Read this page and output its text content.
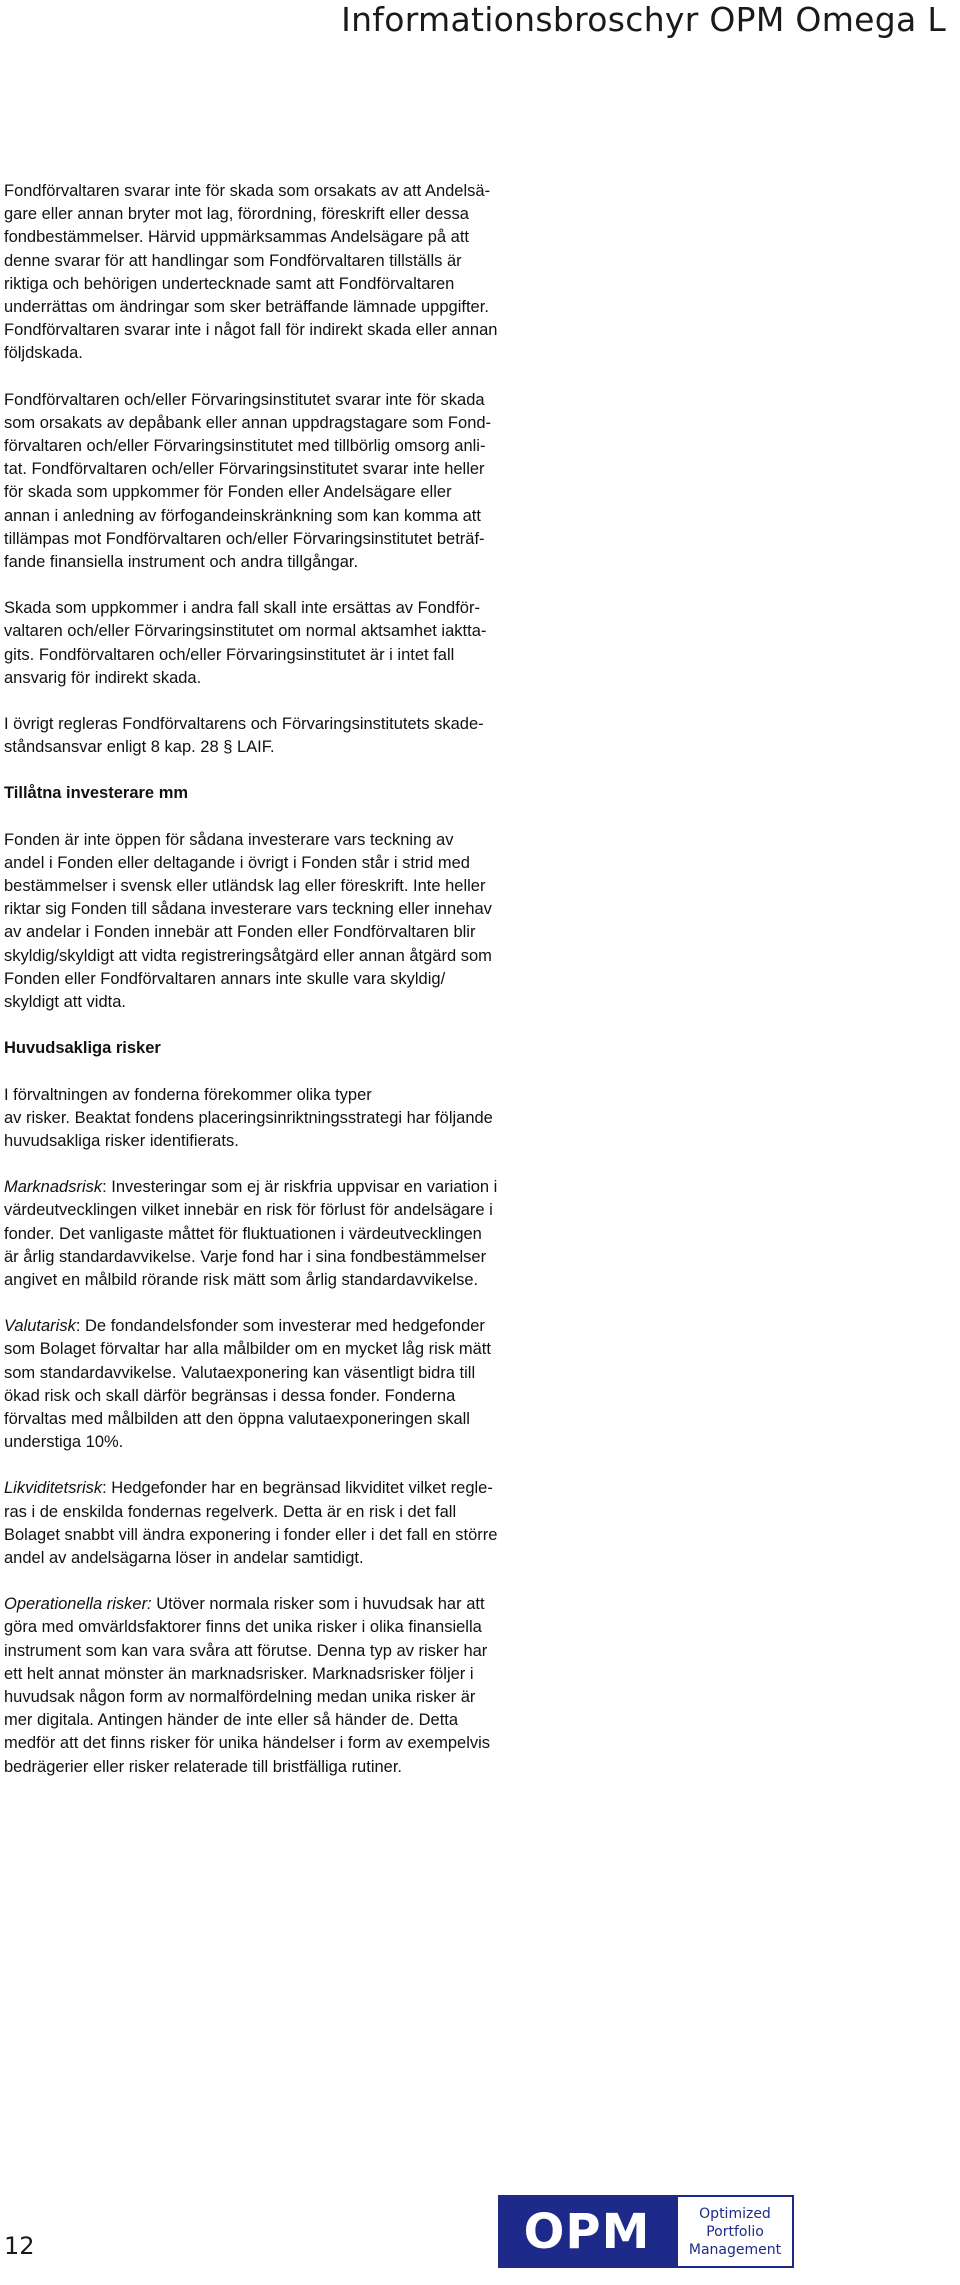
Informationsbroschyr OPM Omega L

Fondförvaltaren svarar inte för skada som orsakats av att Andelsä-
gare eller annan bryter mot lag, förordning, föreskrift eller dessa
fondbestämmelser. Härvid uppmärksammas Andelsägare på att
denne svarar för att handlingar som Fondförvaltaren tillställs är
riktiga och behörigen undertecknade samt att Fondförvaltaren
underrättas om ändringar som sker beträffande lämnade uppgifter.
Fondförvaltaren svarar inte i något fall för indirekt skada eller annan
följdskada.

Fondförvaltaren och/eller Förvaringsinstitutet svarar inte för skada
som orsakats av depåbank eller annan uppdragstagare som Fond-
förvaltaren och/eller Förvaringsinstitutet med tillbörlig omsorg anli-
tat. Fondförvaltaren och/eller Förvaringsinstitutet svarar inte heller
för skada som uppkommer för Fonden eller Andelsägare eller
annan i anledning av förfogandeinskränkning som kan komma att
tillämpas mot Fondförvaltaren och/eller Förvaringsinstitutet beträf-
fande finansiella instrument och andra tillgångar.

Skada som uppkommer i andra fall skall inte ersättas av Fondför-
valtaren och/eller Förvaringsinstitutet om normal aktsamhet iaktta-
gits. Fondförvaltaren och/eller Förvaringsinstitutet är i intet fall
ansvarig för indirekt skada.

I övrigt regleras Fondförvaltarens och Förvaringsinstitutets skade-
ståndsansvar enligt 8 kap. 28 § LAIF.

Tillåtna investerare mm

Fonden är inte öppen för sådana investerare vars teckning av
andel i Fonden eller deltagande i övrigt i Fonden står i strid med
bestämmelser i svensk eller utländsk lag eller föreskrift. Inte heller
riktar sig Fonden till sådana investerare vars teckning eller innehav
av andelar i Fonden innebär att Fonden eller Fondförvaltaren blir
skyldig/skyldigt att vidta registreringsåtgärd eller annan åtgärd som
Fonden eller Fondförvaltaren annars inte skulle vara skyldig/
skyldigt att vidta.

Huvudsakliga risker

I förvaltningen av fonderna förekommer olika typer
av risker. Beaktat fondens placeringsinriktningsstrategi har följande
huvudsakliga risker identifierats.

Marknadsrisk: Investeringar som ej är riskfria uppvisar en variation i
värdeutvecklingen vilket innebär en risk för förlust för andelsägare i
fonder. Det vanligaste måttet för fluktuationen i värdeutvecklingen
är årlig standardavvikelse. Varje fond har i sina fondbestämmelser
angivet en målbild rörande risk mätt som årlig standardavvikelse.

Valutarisk: De fondandelsfonder som investerar med hedgefonder
som Bolaget förvaltar har alla målbilder om en mycket låg risk mätt
som standardavvikelse. Valutaexponering kan väsentligt bidra till
ökad risk och skall därför begränsas i dessa fonder. Fonderna
förvaltas med målbilden att den öppna valutaexponeringen skall
understiga 10%.

Likviditetsrisk: Hedgefonder har en begränsad likviditet vilket regle-
ras i de enskilda fondernas regelverk. Detta är en risk i det fall
Bolaget snabbt vill ändra exponering i fonder eller i det fall en större
andel av andelsägarna löser in andelar samtidigt.

Operationella risker: Utöver normala risker som i huvudsak har att
göra med omvärldsfaktorer finns det unika risker i olika finansiella
instrument som kan vara svåra att förutse. Denna typ av risker har
ett helt annat mönster än marknadsrisker. Marknadsrisker följer i
huvudsak någon form av normalfördelning medan unika risker är
mer digitala. Antingen händer de inte eller så händer de. Detta
medför att det finns risker för unika händelser i form av exempelvis
bedrägerier eller risker relaterade till bristfälliga rutiner.

12	OPM	Optimized
Portfolio
Management
